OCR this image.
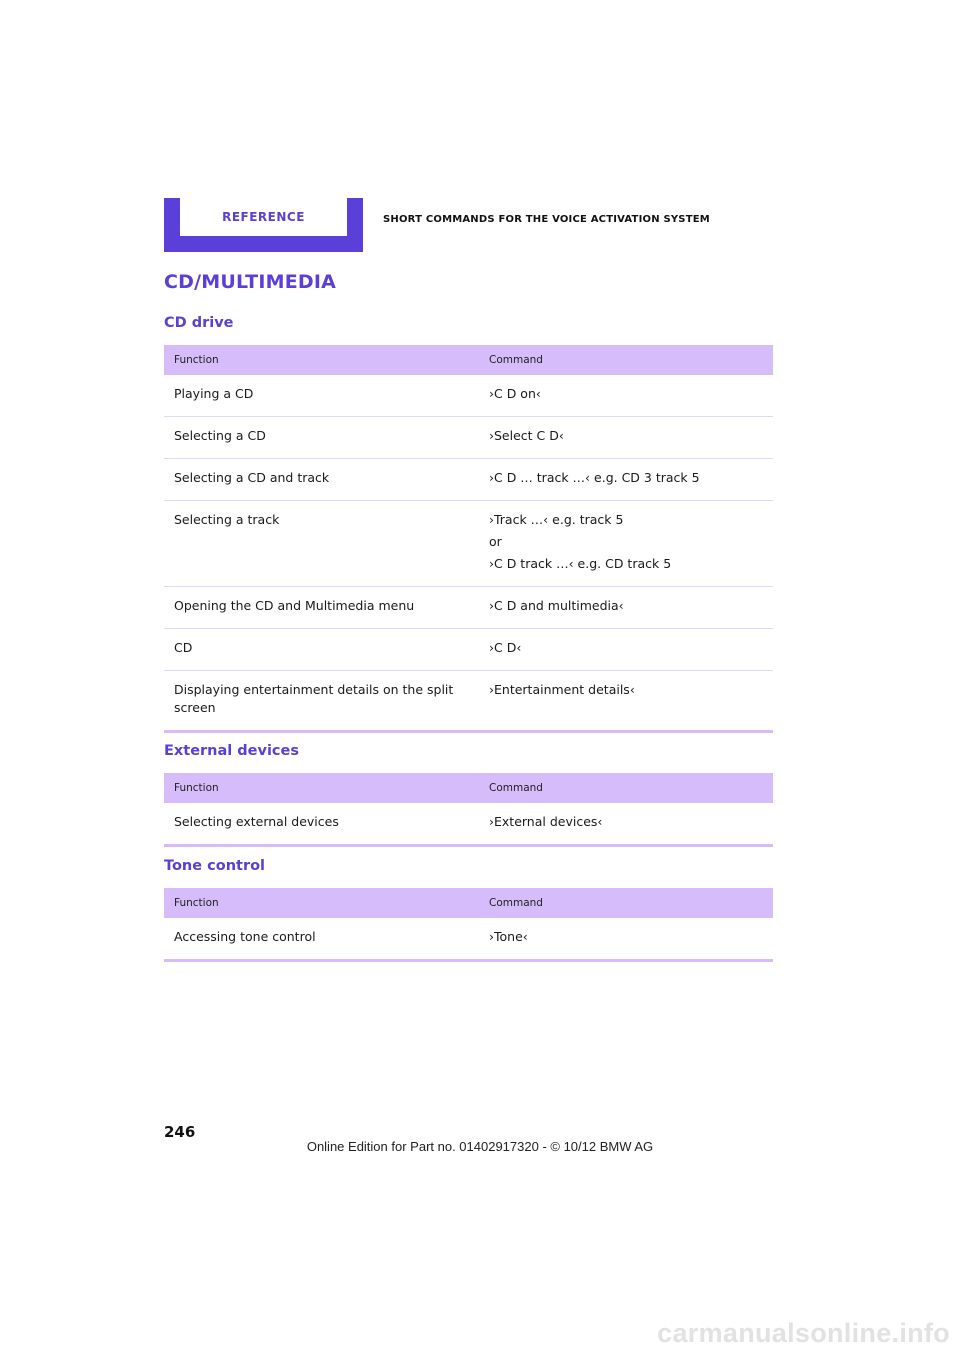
REFERENCE	SHORT COMMANDS FOR THE VOICE ACTIVATION SYSTEM
CD/MULTIMEDIA
CD drive
Function	Command
Playing a CD	›C D on‹

Selecting a CD	›Select C D‹

Selecting a CD and track	›C D … track …‹ e.g. CD 3 track 5

Selecting a track	›Track …‹ e.g. track 5
or
›C D track …‹ e.g. CD track 5

Opening the CD and Multimedia menu	›C D and multimedia‹

CD	›C D‹

Displaying entertainment details on the split screen	›Entertainment details‹
External devices
Function	Command
Selecting external devices	›External devices‹
Tone control
Function	Command
Accessing tone control	›Tone‹
246
Online Edition for Part no. 01402917320 - © 10/12 BMW AG
carmanualsonline.info
